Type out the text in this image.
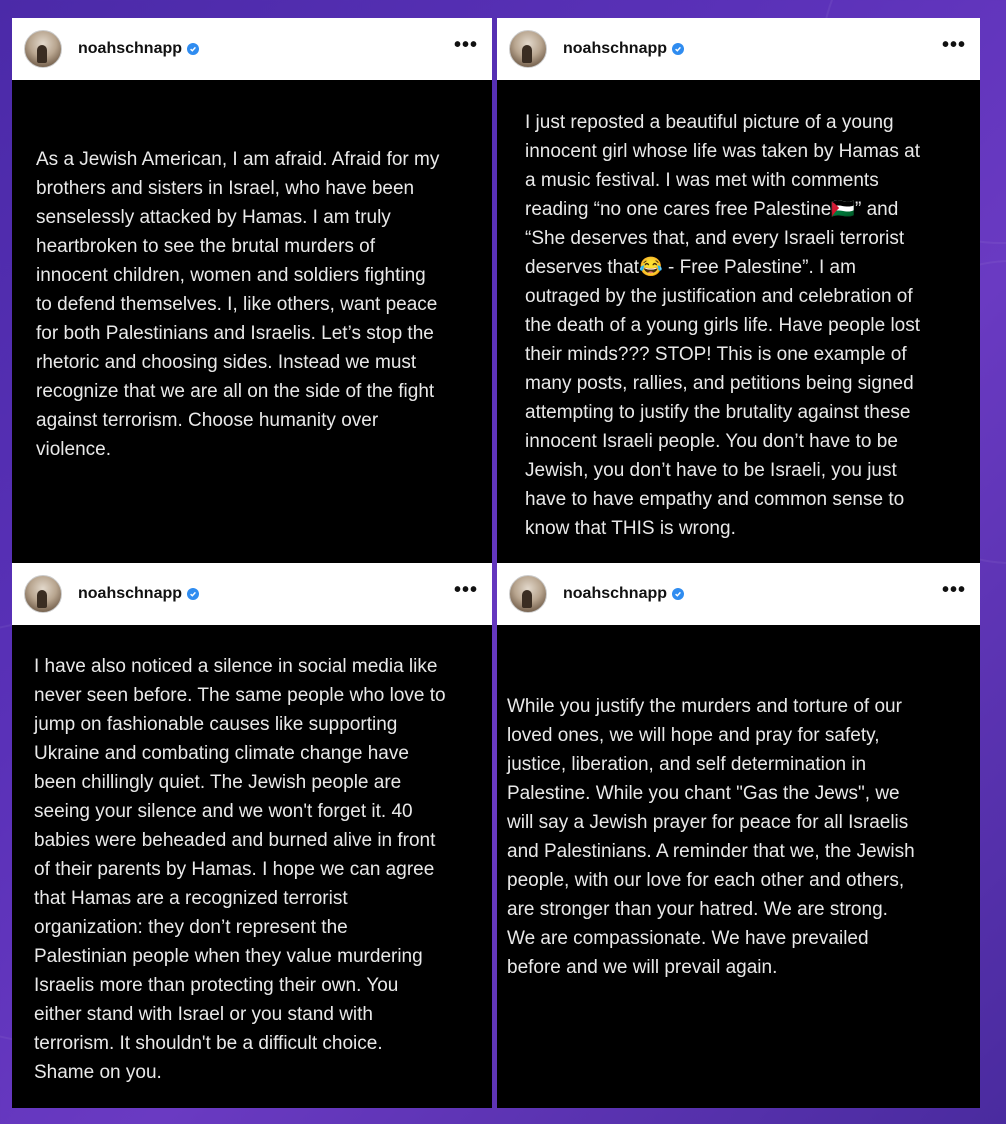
noahschnapp	•••

As a Jewish American, I am afraid. Afraid for my
brothers and sisters in Israel, who have been
senselessly attacked by Hamas. I am truly
heartbroken to see the brutal murders of
innocent children, women and soldiers fighting
to defend themselves. I, like others, want peace
for both Palestinians and Israelis. Let’s stop the
rhetoric and choosing sides. Instead we must
recognize that we are all on the side of the fight
against terrorism. Choose humanity over
violence.

noahschnapp	•••

I just reposted a beautiful picture of a young
innocent girl whose life was taken by Hamas at
a music festival. I was met with comments
reading “no one cares free Palestine🇵🇸” and
“She deserves that, and every Israeli terrorist
deserves that😂 - Free Palestine”. I am
outraged by the justification and celebration of
the death of a young girls life. Have people lost
their minds??? STOP! This is one example of
many posts, rallies, and petitions being signed
attempting to justify the brutality against these
innocent Israeli people. You don’t have to be
Jewish, you don’t have to be Israeli, you just
have to have empathy and common sense to
know that THIS is wrong.

noahschnapp	•••

I have also noticed a silence in social media like
never seen before. The same people who love to
jump on fashionable causes like supporting
Ukraine and combating climate change have
been chillingly quiet. The Jewish people are
seeing your silence and we won't forget it. 40
babies were beheaded and burned alive in front
of their parents by Hamas. I hope we can agree
that Hamas are a recognized terrorist
organization: they don’t represent the
Palestinian people when they value murdering
Israelis more than protecting their own. You
either stand with Israel or you stand with
terrorism. It shouldn't be a difficult choice.
Shame on you.

noahschnapp	•••

While you justify the murders and torture of our
loved ones, we will hope and pray for safety,
justice, liberation, and self determination in
Palestine. While you chant "Gas the Jews", we
will say a Jewish prayer for peace for all Israelis
and Palestinians. A reminder that we, the Jewish
people, with our love for each other and others,
are stronger than your hatred. We are strong.
We are compassionate. We have prevailed
before and we will prevail again.
